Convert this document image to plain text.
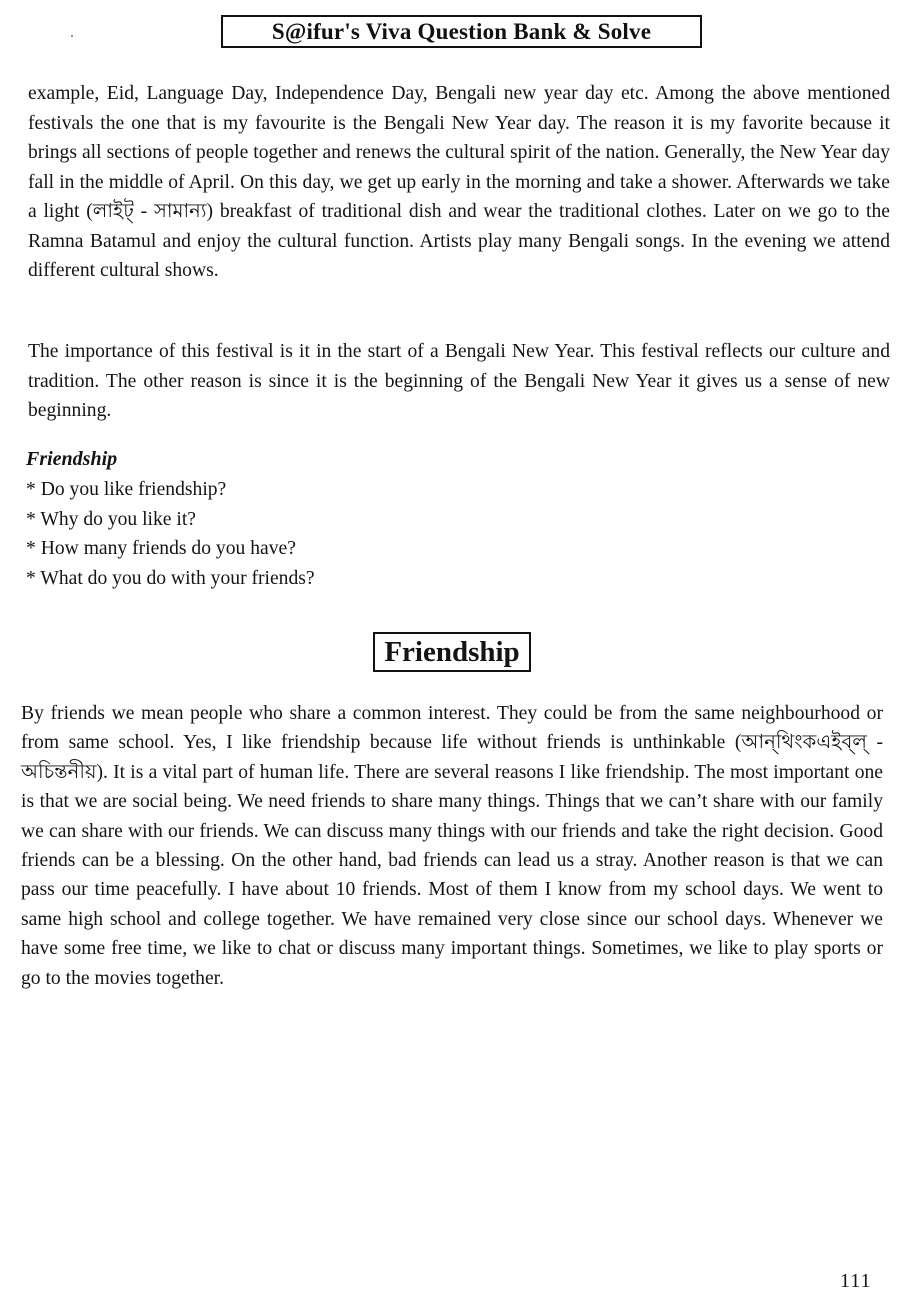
S@ifur's Viva Question Bank & Solve

example, Eid, Language Day, Independence Day, Bengali new year day etc. Among the above mentioned festivals the one that is my favourite is the Bengali New Year day. The reason it is my favorite because it brings all sections of people together and renews the cultural spirit of the nation. Generally, the New Year day fall in the middle of April. On this day, we get up early in the morning and take a shower. Afterwards we take a light (লাইট্‌ - সামান্য) breakfast of traditional dish and wear the traditional clothes. Later on we go to the Ramna Batamul and enjoy the cultural function. Artists play many Bengali songs. In the evening we attend different cultural shows.

The importance of this festival is it in the start of a Bengali New Year. This festival reflects our culture and tradition. The other reason is since it is the beginning of the Bengali New Year it gives us a sense of new beginning.

Friendship
* Do you like friendship?
* Why do you like it?
* How many friends do you have?
* What do you do with your friends?
Friendship

By friends we mean people who share a common interest. They could be from the same neighbourhood or from same school. Yes, I like friendship because life without friends is unthinkable (আন্‌থিংকএইব্‌ল্‌ - অচিন্তনীয়). It is a vital part of human life. There are several reasons I like friendship. The most important one is that we are social being. We need friends to share many things. Things that we can’t share with our family we can share with our friends. We can discuss many things with our friends and take the right decision. Good friends can be a blessing. On the other hand, bad friends can lead us a stray. Another reason is that we can pass our time peacefully. I have about 10 friends. Most of them I know from my school days. We went to same high school and college together. We have remained very close since our school days. Whenever we have some free time, we like to chat or discuss many important things. Sometimes, we like to play sports or go to the movies together.

111
